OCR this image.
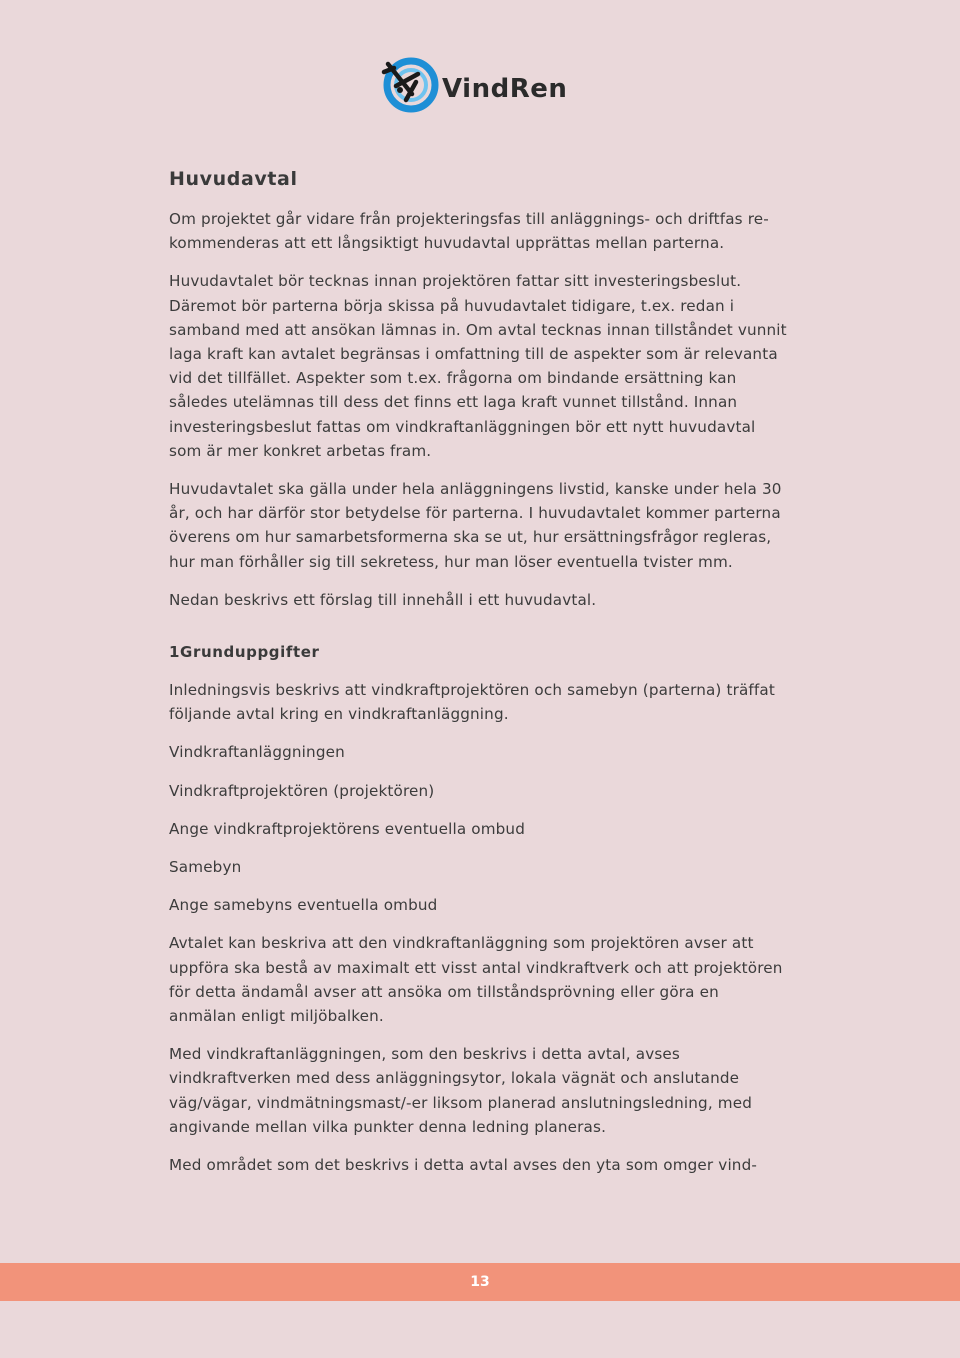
VindRen
Huvudavtal

Om projektet går vidare från projekteringsfas till anläggnings- och driftfas re-kommenderas att ett långsiktigt huvudavtal upprättas mellan parterna.

Huvudavtalet bör tecknas innan projektören fattar sitt investeringsbeslut. Däremot bör parterna börja skissa på huvudavtalet tidigare, t.ex. redan i samband med att ansökan lämnas in. Om avtal tecknas innan tillståndet vunnit laga kraft kan avtalet begränsas i omfattning till de aspekter som är relevanta vid det tillfället. Aspekter som t.ex. frågorna om bindande ersättning kan således utelämnas till dess det finns ett laga kraft vunnet tillstånd. Innan investeringsbeslut fattas om vindkraftanläggningen bör ett nytt huvudavtal som är mer konkret arbetas fram.

Huvudavtalet ska gälla under hela anläggningens livstid, kanske under hela 30 år, och har därför stor betydelse för parterna. I huvudavtalet kommer parterna överens om hur samarbetsformerna ska se ut, hur ersättningsfrågor regleras, hur man förhåller sig till sekretess, hur man löser eventuella tvister mm.

Nedan beskrivs ett förslag till innehåll i ett huvudavtal.

1Grunduppgifter

Inledningsvis beskrivs att vindkraftprojektören och samebyn (parterna) träffat följande avtal kring en vindkraftanläggning.

Vindkraftanläggningen

Vindkraftprojektören (projektören)

Ange vindkraftprojektörens eventuella ombud

Samebyn

Ange samebyns eventuella ombud

Avtalet kan beskriva att den vindkraftanläggning som projektören avser att uppföra ska bestå av maximalt ett visst antal vindkraftverk och att projektören för detta ändamål avser att ansöka om tillståndsprövning eller göra en anmälan enligt miljöbalken.

Med vindkraftanläggningen, som den beskrivs i detta avtal, avses vindkraftverken med dess anläggningsytor, lokala vägnät och anslutande väg/vägar, vindmätningsmast/-er liksom planerad anslutningsledning, med angivande mellan vilka punkter denna ledning planeras.

Med området som det beskrivs i detta avtal avses den yta som omger vind-

13
